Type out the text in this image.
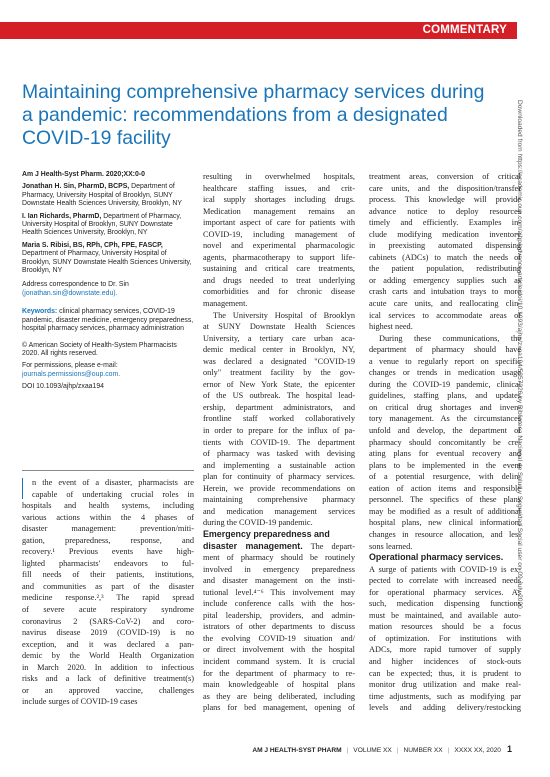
COMMENTARY
Maintaining comprehensive pharmacy services during
a pandemic: recommendations from a designated
COVID-19 facility	Downloaded from https://academic.oup.com/ajhp/advance-article/doi/10.1093/ajhp/zxaa194/5857226 by Biblioteca Nacional de Salud y Seguridad Social user on 09 July 2020
Am J Health-Syst Pharm. 2020;XX:0-0
Jonathan H. Sin, PharmD, BCPS, Department of Pharmacy, University Hospital of Brooklyn, SUNY Downstate Health Sciences University, Brooklyn, NY
I. Ian Richards, PharmD, Department of Pharmacy, University Hospital of Brooklyn, SUNY Downstate Health Sciences University, Brooklyn, NY
Maria S. Ribisi, BS, RPh, CPh, FPE, FASCP, Department of Pharmacy, University Hospital of Brooklyn, SUNY Downstate Health Sciences University, Brooklyn, NY
Address correspondence to Dr. Sin
(jonathan.sin@downstate.edu).
Keywords: clinical pharmacy services, COVID-19 pandemic, disaster medicine, emergency preparedness, hospital pharmacy services, pharmacy administration
© American Society of Health-System Pharmacists 2020. All rights reserved.
For permissions, please e-mail: journals.permissions@oup.com.
DOI 10.1093/ajhp/zxaa194
n the event of a disaster, pharmacists are
capable of undertaking crucial roles in
hospitals and health systems, including
various actions within the 4 phases of
disaster management: prevention/miti-
gation, preparedness, response, and
recovery.¹ Previous events have high-
lighted pharmacists' endeavors to ful-
fill needs of their patients, institutions,
and communities as part of the disaster
medicine response.²,³ The rapid spread
of severe acute respiratory syndrome
coronavirus 2 (SARS-CoV-2) and coro-
navirus disease 2019 (COVID-19) is no
exception, and it was declared a pan-
demic by the World Health Organization
in March 2020. In addition to infectious
risks and a lack of definitive treatment(s)
or an approved vaccine, challenges
include surges of COVID-19 cases
resulting in overwhelmed hospitals,
healthcare staffing issues, and crit-
ical supply shortages including drugs.
Medication management remains an
important aspect of care for patients with
COVID-19, including management of
novel and experimental pharmacologic
agents, pharmacotherapy to support life-
sustaining and critical care treatments,
and drugs needed to treat underlying
comorbidities and for chronic disease
management.
The University Hospital of Brooklyn
at SUNY Downstate Health Sciences
University, a tertiary care urban aca-
demic medical center in Brooklyn, NY,
was declared a designated "COVID-19
only" treatment facility by the gov-
ernor of New York State, the epicenter
of the US outbreak. The hospital lead-
ership, department administrators, and
frontline staff worked collaboratively
in order to prepare for the influx of pa-
tients with COVID-19. The department
of pharmacy was tasked with devising
and implementing a sustainable action
plan for continuity of pharmacy services.
Herein, we provide recommendations on
maintaining comprehensive pharmacy
and medication management services
during the COVID-19 pandemic.
Emergency preparedness and
disaster management. The depart-
ment of pharmacy should be routinely
involved in emergency preparedness
and disaster management on the insti-
tutional level.⁴⁻⁶ This involvement may
include conference calls with the hos-
pital leadership, providers, and admin-
istrators of other departments to discuss
the evolving COVID-19 situation and/
or direct involvement with the hospital
incident command system. It is crucial
for the department of pharmacy to re-
main knowledgeable of hospital plans
as they are being deliberated, including
plans for bed management, opening of
treatment areas, conversion of critical
care units, and the disposition/transfer
process. This knowledge will provide
advance notice to deploy resources
timely and efficiently. Examples in-
clude modifying medication inventory
in preexisting automated dispensing
cabinets (ADCs) to match the needs of
the patient population, redistributing
or adding emergency supplies such as
crash carts and intubation trays to more
acute care units, and reallocating clin-
ical services to accommodate areas of
highest need.
During these communications, the
department of pharmacy should have
a venue to regularly report on specific
changes or trends in medication usage
during the COVID-19 pandemic, clinical
guidelines, staffing plans, and updates
on critical drug shortages and inven-
tory management. As the circumstances
unfold and develop, the department of
pharmacy should concomitantly be cre-
ating plans for eventual recovery and
plans to be implemented in the event
of a potential resurgence, with delin-
eation of action items and responsible
personnel. The specifics of these plans
may be modified as a result of additional
hospital plans, new clinical information,
changes in resource allocation, and les-
sons learned.
Operational pharmacy services.
A surge of patients with COVID-19 is ex-
pected to correlate with increased needs
for operational pharmacy services. As
such, medication dispensing functions
must be maintained, and available auto-
mation resources should be a focus
of optimization. For institutions with
ADCs, more rapid turnover of supply
and higher incidences of stock-outs
can be expected; thus, it is prudent to
monitor drug utilization and make real-
time adjustments, such as modifying par
levels and adding delivery/restocking
AM J HEALTH-SYST PHARM | VOLUME XX | NUMBER XX | XXXX XX, 2020 1
